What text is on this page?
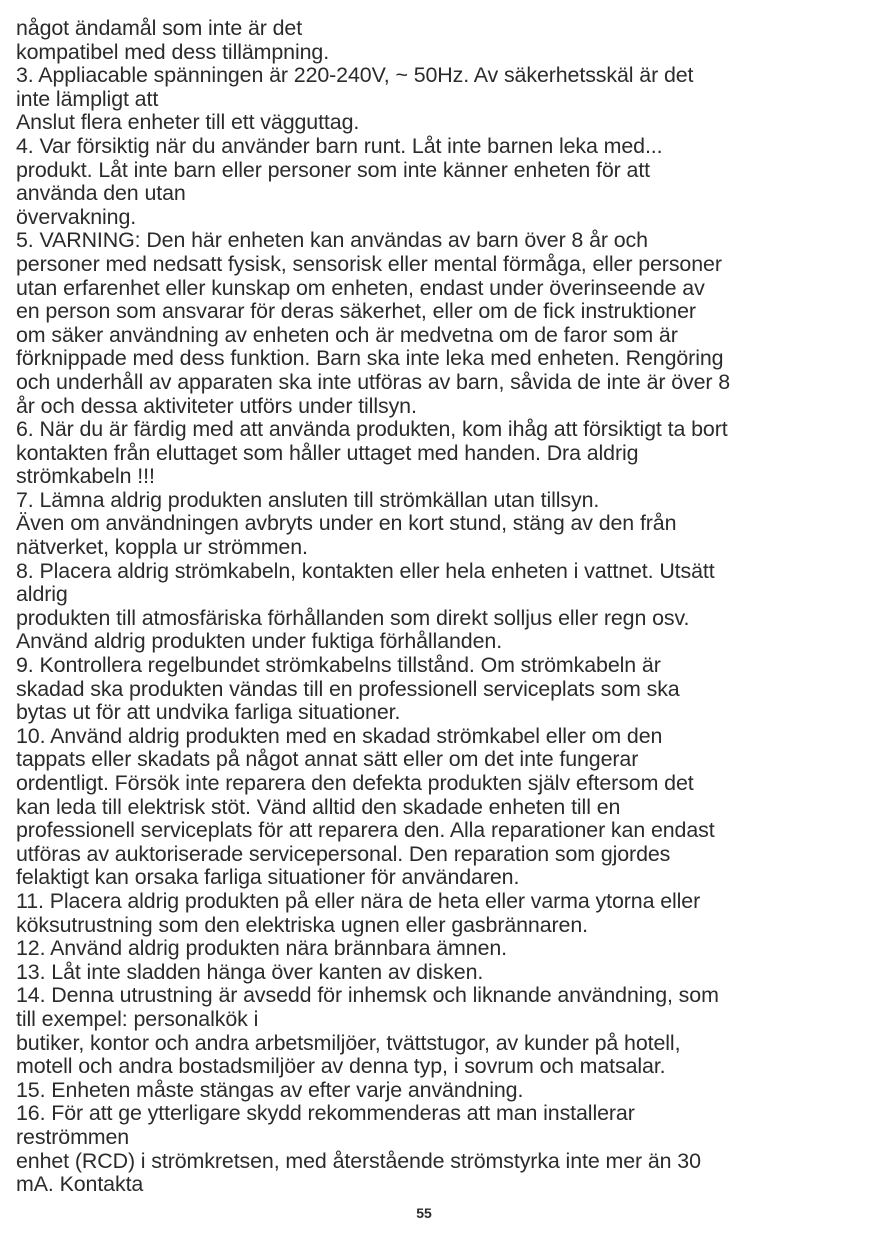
något ändamål som inte är det
kompatibel med dess tillämpning.
3. Appliacable spänningen är 220-240V, ~ 50Hz. Av säkerhetsskäl är det
inte lämpligt att
Anslut flera enheter till ett vägguttag.
4. Var försiktig när du använder barn runt. Låt inte barnen leka med...
produkt. Låt inte barn eller personer som inte känner enheten för att
använda den utan
övervakning.
5. VARNING: Den här enheten kan användas av barn över 8 år och
personer med nedsatt fysisk, sensorisk eller mental förmåga, eller personer
utan erfarenhet eller kunskap om enheten, endast under överinseende av
en person som ansvarar för deras säkerhet, eller om de fick instruktioner
om säker användning av enheten och är medvetna om de faror som är
förknippade med dess funktion. Barn ska inte leka med enheten. Rengöring
och underhåll av apparaten ska inte utföras av barn, såvida de inte är över 8
år och dessa aktiviteter utförs under tillsyn.
6. När du är färdig med att använda produkten, kom ihåg att försiktigt ta bort
kontakten från eluttaget som håller uttaget med handen. Dra aldrig
strömkabeln !!!
7. Lämna aldrig produkten ansluten till strömkällan utan tillsyn.
Även om användningen avbryts under en kort stund, stäng av den från
nätverket, koppla ur strömmen.
8. Placera aldrig strömkabeln, kontakten eller hela enheten i vattnet. Utsätt
aldrig
produkten till atmosfäriska förhållanden som direkt solljus eller regn osv.
Använd aldrig produkten under fuktiga förhållanden.
9. Kontrollera regelbundet strömkabelns tillstånd. Om strömkabeln är
skadad ska produkten vändas till en professionell serviceplats som ska
bytas ut för att undvika farliga situationer.
10. Använd aldrig produkten med en skadad strömkabel eller om den
tappats eller skadats på något annat sätt eller om det inte fungerar
ordentligt. Försök inte reparera den defekta produkten själv eftersom det
kan leda till elektrisk stöt. Vänd alltid den skadade enheten till en
professionell serviceplats för att reparera den. Alla reparationer kan endast
utföras av auktoriserade servicepersonal. Den reparation som gjordes
felaktigt kan orsaka farliga situationer för användaren.
11. Placera aldrig produkten på eller nära de heta eller varma ytorna eller
köksutrustning som den elektriska ugnen eller gasbrännaren.
12. Använd aldrig produkten nära brännbara ämnen.
13. Låt inte sladden hänga över kanten av disken.
14. Denna utrustning är avsedd för inhemsk och liknande användning, som
till exempel: personalkök i
butiker, kontor och andra arbetsmiljöer, tvättstugor, av kunder på hotell,
motell och andra bostadsmiljöer av denna typ, i sovrum och matsalar.
15. Enheten måste stängas av efter varje användning.
16. För att ge ytterligare skydd rekommenderas att man installerar
reströmmen
enhet (RCD) i strömkretsen, med återstående strömstyrka inte mer än 30
mA. Kontakta
55
